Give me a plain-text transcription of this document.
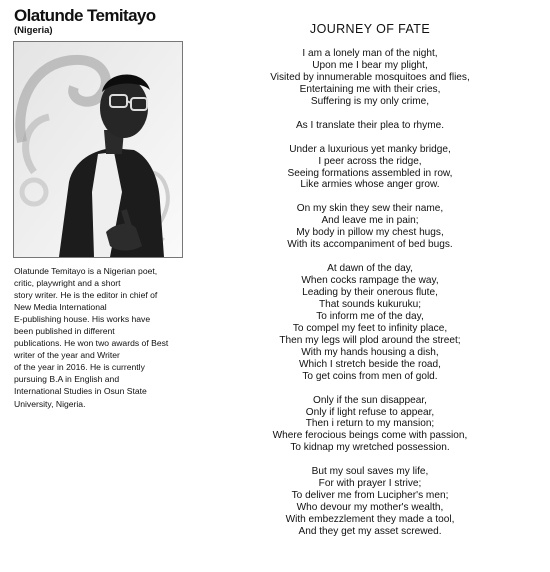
Olatunde Temitayo
(Nigeria)

Olatunde Temitayo is a Nigerian poet,
critic, playwright and a short
story writer. He is the editor in chief of
New Media International
E-publishing house. His works have
been published in different
publications. He won two awards of Best
writer of the year and Writer
of the year in 2016. He is currently
pursuing B.A in English and
International Studies in Osun State
University, Nigeria.

JOURNEY OF FATE
I am a lonely man of the night,
Upon me I bear my plight,
Visited by innumerable mosquitoes and flies,
Entertaining me with their cries,
Suffering is my only crime,
As I translate their plea to rhyme.
Under a luxurious yet manky bridge,
I peer across the ridge,
Seeing formations assembled in row,
Like armies whose anger grow.
On my skin they sew their name,
And leave me in pain;
My body in pillow my chest hugs,
With its accompaniment of bed bugs.
At dawn of the day,
When cocks rampage the way,
Leading by their onerous flute,
That sounds kukuruku;
To inform me of the day,
To compel my feet to infinity place,
Then my legs will plod around the street;
With my hands housing a dish,
Which I stretch beside the road,
To get coins from men of gold.
Only if the sun disappear,
Only if light refuse to appear,
Then i return to my mansion;
Where ferocious beings come with passion,
To kidnap my wretched possession.
But my soul saves my life,
For with prayer I strive;
To deliver me from Lucipher's men;
Who devour my mother's wealth,
With embezzlement they made a tool,
And they get my asset screwed.
